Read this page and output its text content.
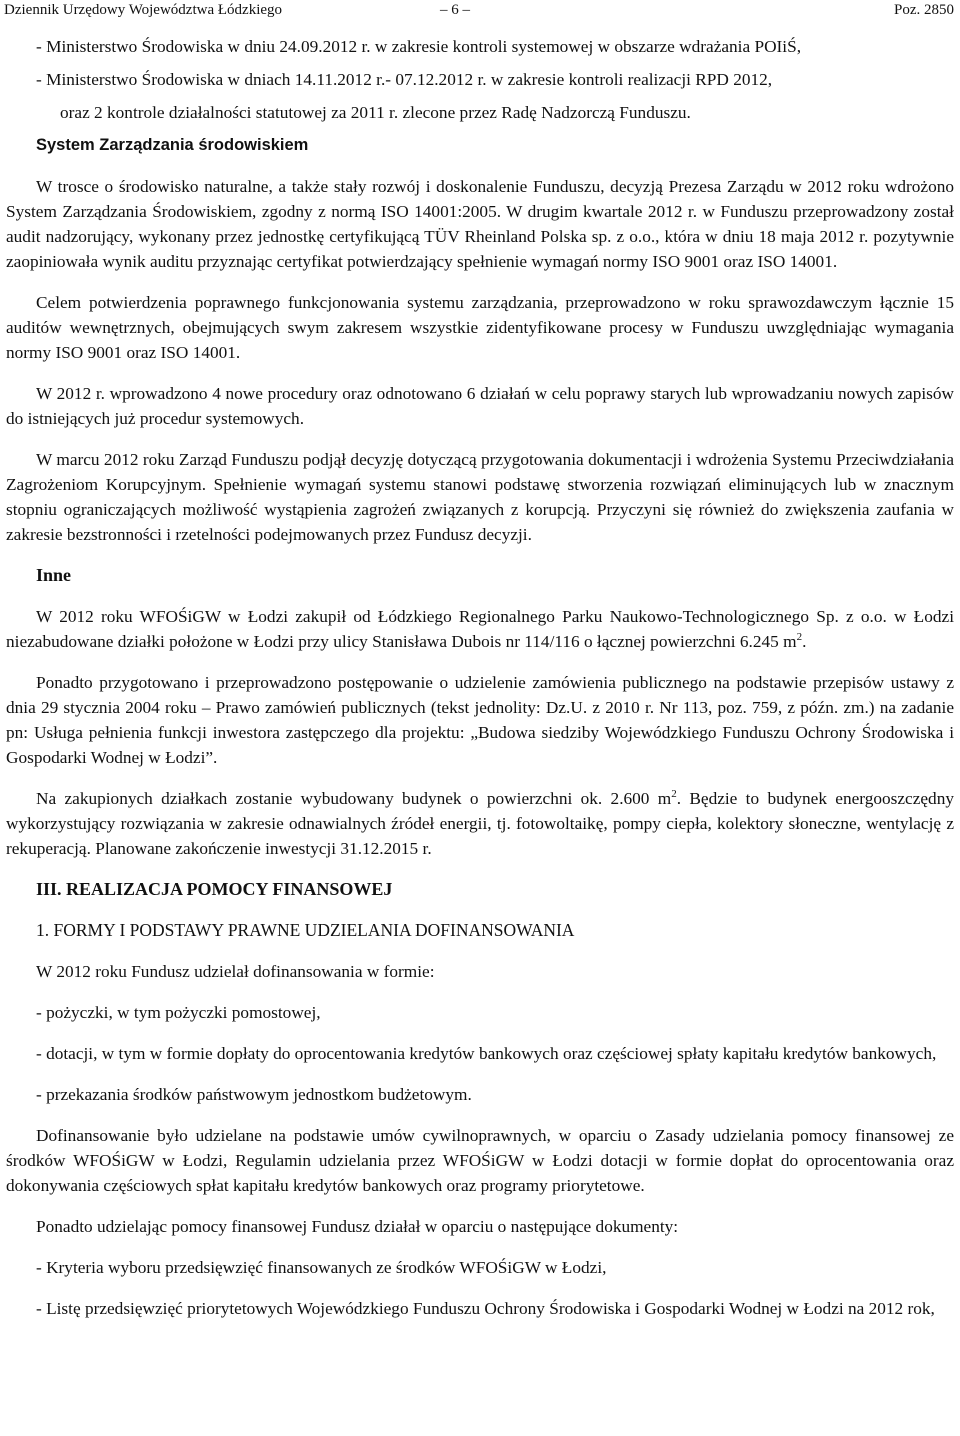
Dziennik Urzędowy Województwa Łódzkiego	– 6 –	Poz. 2850

- Ministerstwo Środowiska w dniu 24.09.2012 r. w zakresie kontroli systemowej w obszarze wdrażania POIiŚ,

- Ministerstwo Środowiska w dniach 14.11.2012 r.- 07.12.2012 r. w zakresie kontroli realizacji RPD 2012,

oraz 2 kontrole działalności statutowej za 2011 r. zlecone przez Radę Nadzorczą Funduszu.

System Zarządzania środowiskiem

W trosce o środowisko naturalne, a także stały rozwój i doskonalenie Funduszu, decyzją Prezesa Zarządu w 2012 roku wdrożono System Zarządzania Środowiskiem, zgodny z normą ISO 14001:2005. W drugim kwartale 2012 r. w Funduszu przeprowadzony został audit nadzorujący, wykonany przez jednostkę certyfikującą TÜV Rheinland Polska sp. z o.o., która w dniu 18 maja 2012 r. pozytywnie zaopiniowała wynik auditu przyznając certyfikat potwierdzający spełnienie wymagań normy ISO 9001 oraz ISO 14001.

Celem potwierdzenia poprawnego funkcjonowania systemu zarządzania, przeprowadzono w roku sprawozdawczym łącznie 15 auditów wewnętrznych, obejmujących swym zakresem wszystkie zidentyfikowane procesy w Funduszu uwzględniając wymagania normy ISO 9001 oraz ISO 14001.

W 2012 r. wprowadzono 4 nowe procedury oraz odnotowano 6 działań w celu poprawy starych lub wprowadzaniu nowych zapisów do istniejących już procedur systemowych.

W marcu 2012 roku Zarząd Funduszu podjął decyzję dotyczącą przygotowania dokumentacji i wdrożenia Systemu Przeciwdziałania Zagrożeniom Korupcyjnym. Spełnienie wymagań systemu stanowi podstawę stworzenia rozwiązań eliminujących lub w znacznym stopniu ograniczających możliwość wystąpienia zagrożeń związanych z korupcją. Przyczyni się również do zwiększenia zaufania w zakresie bezstronności i rzetelności podejmowanych przez Fundusz decyzji.

Inne

W 2012 roku WFOŚiGW w Łodzi zakupił od Łódzkiego Regionalnego Parku Naukowo-Technologicznego Sp. z o.o. w Łodzi niezabudowane działki położone w Łodzi przy ulicy Stanisława Dubois nr 114/116 o łącznej powierzchni 6.245 $m^2$.

Ponadto przygotowano i przeprowadzono postępowanie o udzielenie zamówienia publicznego na podstawie przepisów ustawy z dnia 29 stycznia 2004 roku – Prawo zamówień publicznych (tekst jednolity: Dz.U. z 2010 r. Nr 113, poz. 759, z późn. zm.) na zadanie pn: Usługa pełnienia funkcji inwestora zastępczego dla projektu: „Budowa siedziby Wojewódzkiego Funduszu Ochrony Środowiska i Gospodarki Wodnej w Łodzi”.

Na zakupionych działkach zostanie wybudowany budynek o powierzchni ok. 2.600 $m^2$. Będzie to budynek energooszczędny wykorzystujący rozwiązania w zakresie odnawialnych źródeł energii, tj. fotowoltaikę, pompy ciepła, kolektory słoneczne, wentylację z rekuperacją. Planowane zakończenie inwestycji 31.12.2015 r.

III. REALIZACJA POMOCY FINANSOWEJ

1. FORMY I PODSTAWY PRAWNE UDZIELANIA DOFINANSOWANIA

W 2012 roku Fundusz udzielał dofinansowania w formie:

- pożyczki, w tym pożyczki pomostowej,

- dotacji, w tym w formie dopłaty do oprocentowania kredytów bankowych oraz częściowej spłaty kapitału kredytów bankowych,

- przekazania środków państwowym jednostkom budżetowym.

Dofinansowanie było udzielane na podstawie umów cywilnoprawnych, w oparciu o Zasady udzielania pomocy finansowej ze środków WFOŚiGW w Łodzi, Regulamin udzielania przez WFOŚiGW w Łodzi dotacji w formie dopłat do oprocentowania oraz dokonywania częściowych spłat kapitału kredytów bankowych oraz programy priorytetowe.

Ponadto udzielając pomocy finansowej Fundusz działał w oparciu o następujące dokumenty:

- Kryteria wyboru przedsięwzięć finansowanych ze środków WFOŚiGW w Łodzi,

- Listę przedsięwzięć priorytetowych Wojewódzkiego Funduszu Ochrony Środowiska i Gospodarki Wodnej w Łodzi na 2012 rok,
